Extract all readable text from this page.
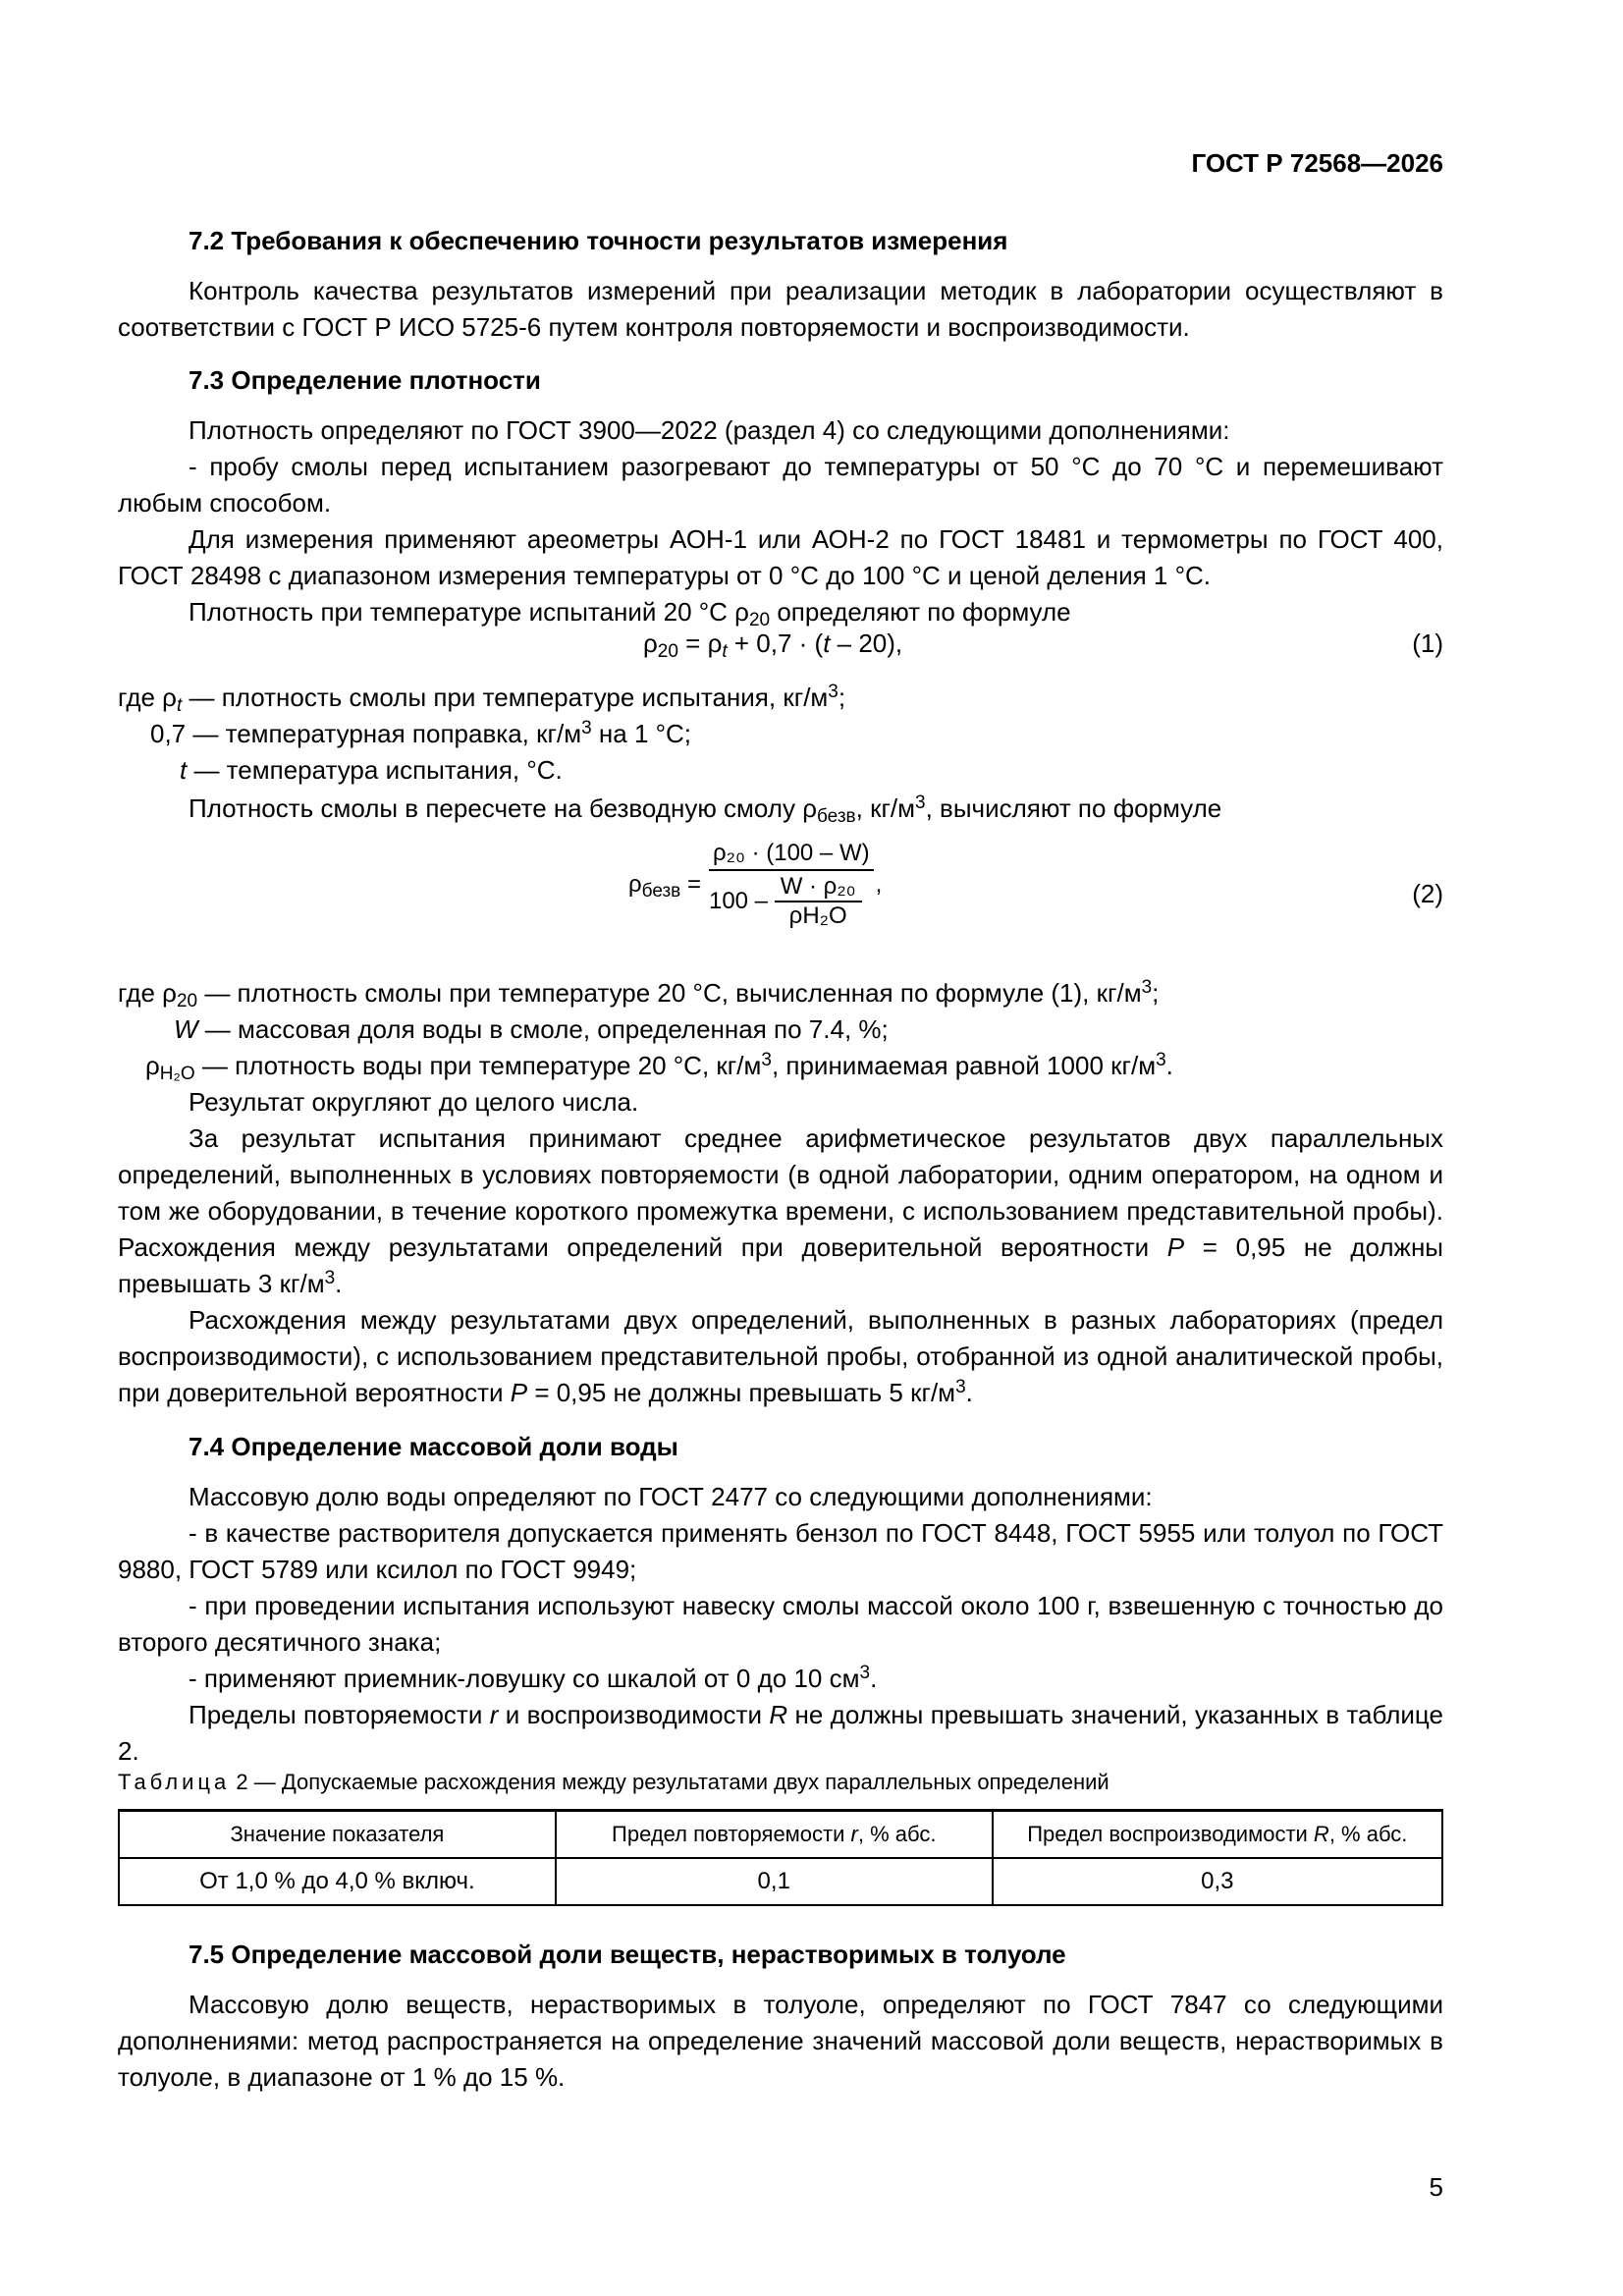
ГОСТ Р 72568—2026

7.2 Требования к обеспечению точности результатов измерения

Контроль качества результатов измерений при реализации методик в лаборатории осуществляют в соответствии с ГОСТ Р ИСО 5725-6 путем контроля повторяемости и воспроизводимости.

7.3 Определение плотности

Плотность определяют по ГОСТ 3900—2022 (раздел 4) со следующими дополнениями:

- пробу смолы перед испытанием разогревают до температуры от 50 °С до 70 °С и перемешивают любым способом.

Для измерения применяют ареометры АОН-1 или АОН-2 по ГОСТ 18481 и термометры по ГОСТ 400, ГОСТ 28498 с диапазоном измерения температуры от 0 °С до 100 °С и ценой деления 1 °С.

Плотность при температуре испытаний 20 °С $\rho_{20}$ определяют по формуле

$\rho_{20} = \rho_t + 0,7 \cdot (t - 20)$,	(1)
где $\rho_t$ — плотность смолы при температуре испытания, $кг/м^3$;
0,7 — температурная поправка, $кг/м^3$ на 1 °С;
t — температура испытания, °С.
Плотность смолы в пересчете на безводную смолу $\rho_{безв}$, $кг/м^3$, вычисляют по формуле
$\rho_{безв}$ =	
ρ₂₀ · (100 – W)
$100 - \frac{\text{W · ρ₂₀}}{\text{ρH₂O}}$	,	(2)
где $\rho_{20}$ — плотность смолы при температуре 20 °С, вычисленная по формуле (1), $кг/м^3$;
W — массовая доля воды в смоле, определенная по 7.4, %;
$\rho_{H_2O}$ — плотность воды при температуре 20 °С, $кг/м^3$, принимаемая равной 1000 $кг/м^3$.

Результат округляют до целого числа.

За результат испытания принимают среднее арифметическое результатов двух параллельных определений, выполненных в условиях повторяемости (в одной лаборатории, одним оператором, на одном и том же оборудовании, в течение короткого промежутка времени, с использованием представительной пробы). Расхождения между результатами определений при доверительной вероятности P = 0,95 не должны превышать 3 $кг/м^3$.

Расхождения между результатами двух определений, выполненных в разных лабораториях (предел воспроизводимости), с использованием представительной пробы, отобранной из одной аналитической пробы, при доверительной вероятности P = 0,95 не должны превышать 5 $кг/м^3$.

7.4 Определение массовой доли воды

Массовую долю воды определяют по ГОСТ 2477 со следующими дополнениями:

- в качестве растворителя допускается применять бензол по ГОСТ 8448, ГОСТ 5955 или толуол по ГОСТ 9880, ГОСТ 5789 или ксилол по ГОСТ 9949;

- при проведении испытания используют навеску смолы массой около 100 г, взвешенную с точностью до второго десятичного знака;

- применяют приемник-ловушку со шкалой от 0 до 10 $см^3$.

Пределы повторяемости r и воспроизводимости R не должны превышать значений, указанных в таблице 2.

Таблица 2 — Допускаемые расхождения между результатами двух параллельных определений
Значение показателя	Предел повторяемости r, % абс.	Предел воспроизводимости R, % абс.
От 1,0 % до 4,0 % включ.	0,1	0,3

7.5 Определение массовой доли веществ, нерастворимых в толуоле

Массовую долю веществ, нерастворимых в толуоле, определяют по ГОСТ 7847 со следующими дополнениями: метод распространяется на определение значений массовой доли веществ, нерастворимых в толуоле, в диапазоне от 1 % до 15 %.

5
